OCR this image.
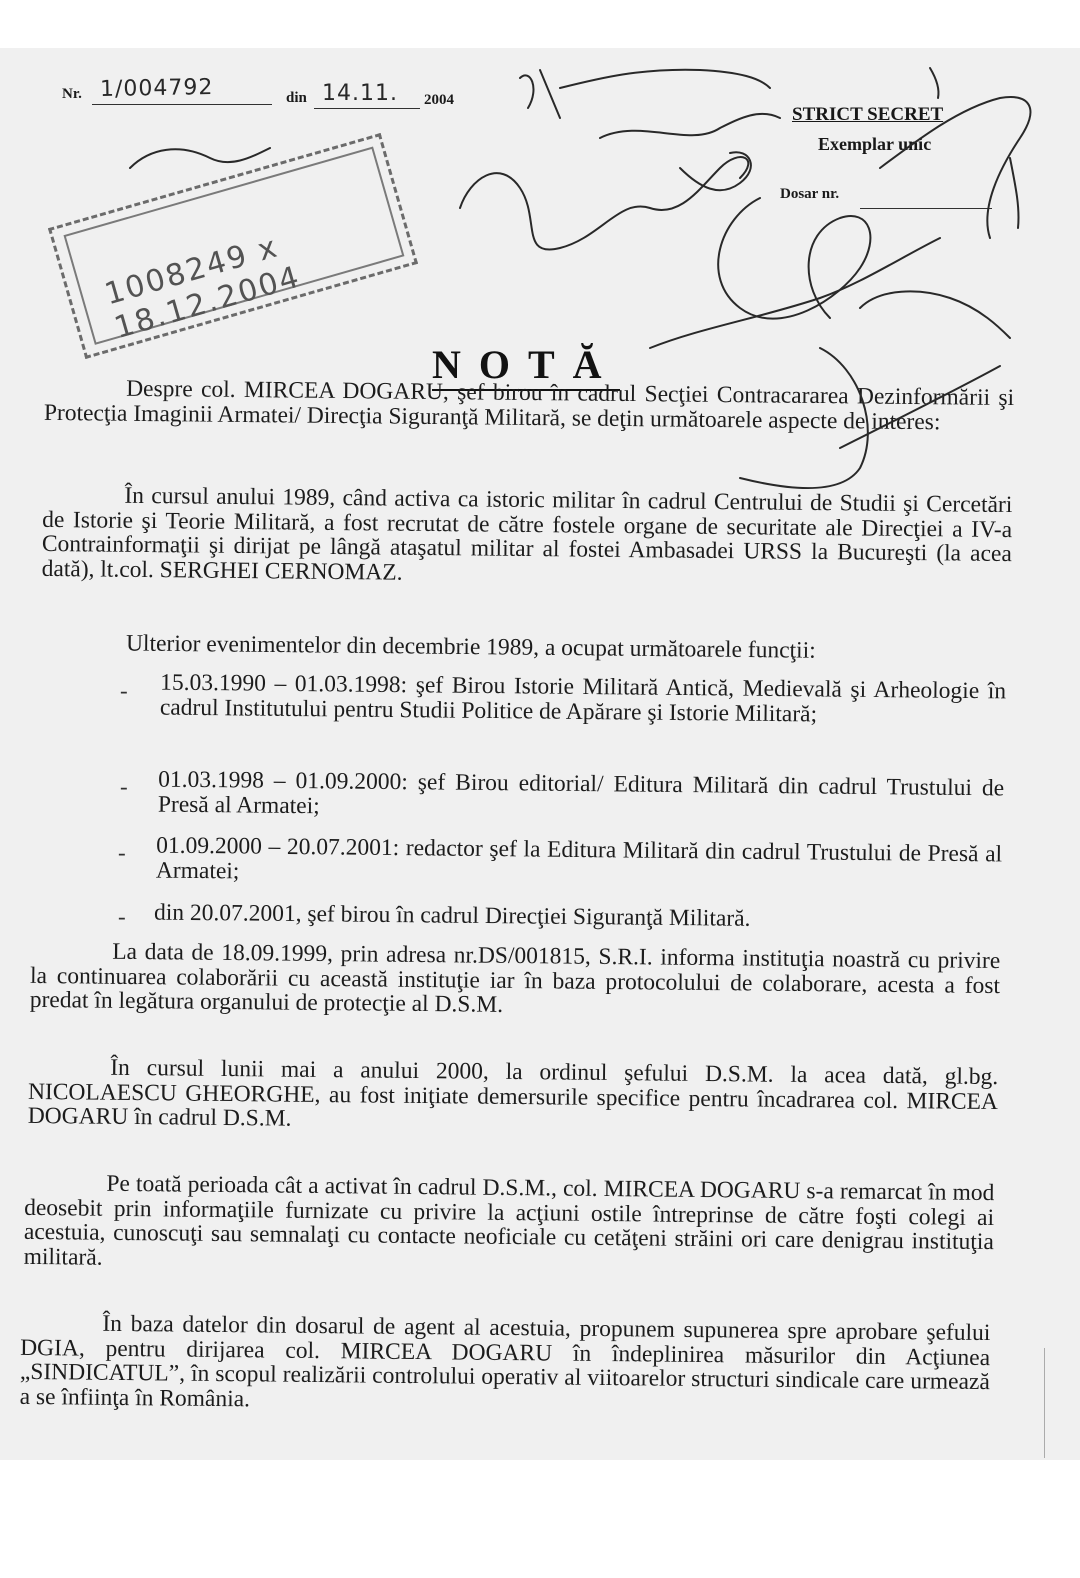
Nr. 1/004792	din 14.11. 2004
STRICT SECRET
Exemplar unic
Dosar nr.
1008249 x 18.12.2004
NOTĂ

Despre col. MIRCEA DOGARU, şef birou în cadrul Secţiei Contracararea Dezinformării şi Protecţia Imaginii Armatei/ Direcţia Siguranţă Militară, se deţin următoarele aspecte de interes:

În cursul anului 1989, când activa ca istoric militar în cadrul Centrului de Studii şi Cercetări de Istorie şi Teorie Militară, a fost recrutat de către fostele organe de securitate ale Direcţiei a IV-a Contrainformaţii şi dirijat pe lângă ataşatul militar al fostei Ambasadei URSS la Bucureşti (la acea dată), lt.col. SERGHEI CERNOMAZ.

Ulterior evenimentelor din decembrie 1989, a ocupat următoarele funcţii:

- 15.03.1990 – 01.03.1998: şef Birou Istorie Militară Antică, Medievală şi Arheologie în cadrul Institutului pentru Studii Politice de Apărare şi Istorie Militară;
- 01.03.1998 – 01.09.2000: şef Birou editorial/ Editura Militară din cadrul Trustului de Presă al Armatei;
- 01.09.2000 – 20.07.2001: redactor şef la Editura Militară din cadrul Trustului de Presă al Armatei;
- din 20.07.2001, şef birou în cadrul Direcţiei Siguranţă Militară.

La data de 18.09.1999, prin adresa nr.DS/001815, S.R.I. informa instituţia noastră cu privire la continuarea colaborării cu această instituţie iar în baza protocolului de colaborare, acesta a fost predat în legătura organului de protecţie al D.S.M.

În cursul lunii mai a anului 2000, la ordinul şefului D.S.M. la acea dată, gl.bg. NICOLAESCU GHEORGHE, au fost iniţiate demersurile specifice pentru încadrarea col. MIRCEA DOGARU în cadrul D.S.M.

Pe toată perioada cât a activat în cadrul D.S.M., col. MIRCEA DOGARU s-a remarcat în mod deosebit prin informaţiile furnizate cu privire la acţiuni ostile întreprinse de către foşti colegi ai acestuia, cunoscuţi sau semnalaţi cu contacte neoficiale cu cetăţeni străini ori care denigrau instituţia militară.

În baza datelor din dosarul de agent al acestuia, propunem supunerea spre aprobare şefului DGIA, pentru dirijarea col. MIRCEA DOGARU în îndeplinirea măsurilor din Acţiunea „SINDICATUL”, în scopul realizării controlului operativ al viitoarelor structuri sindicale care urmează a se înfiinţa în România.
